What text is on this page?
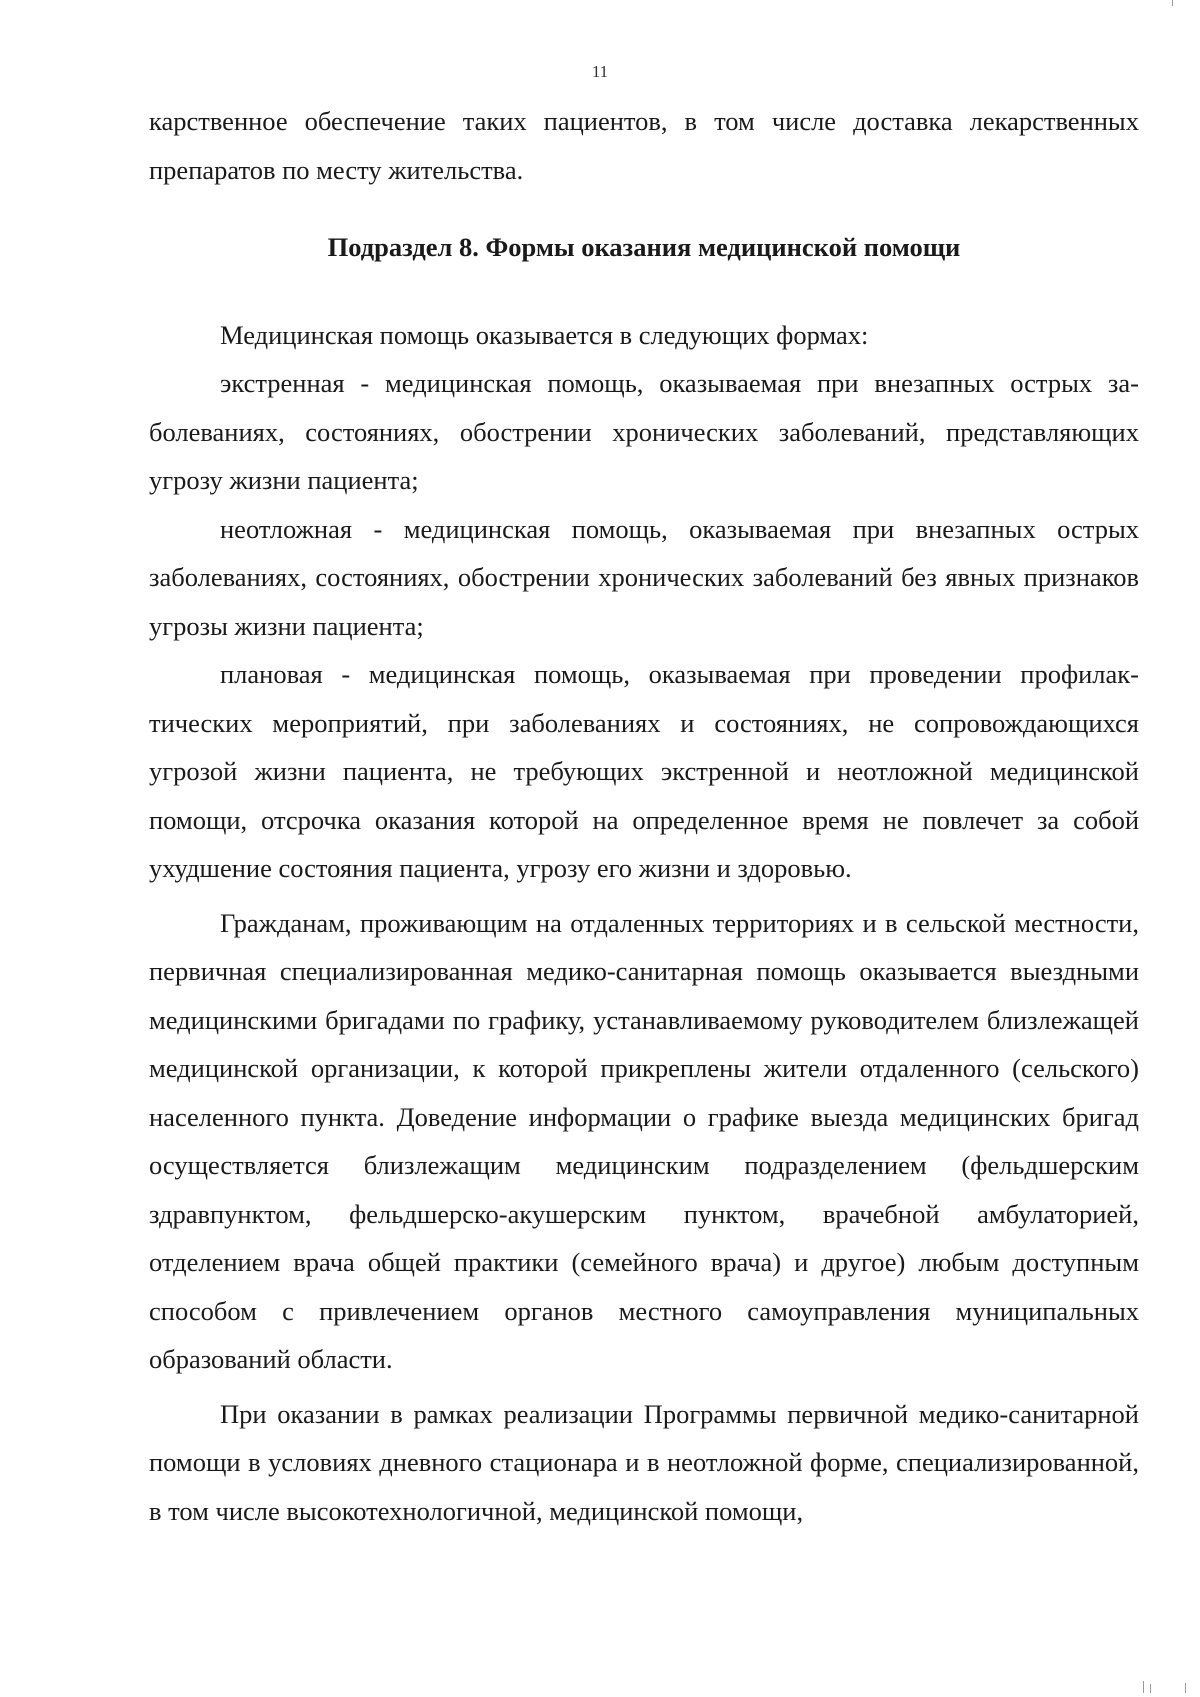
11

карственное обеспечение таких пациентов, в том числе доставка лекарственных препаратов по месту жительства.

Подраздел 8. Формы оказания медицинской помощи

Медицинская помощь оказывается в следующих формах:

экстренная - медицинская помощь, оказываемая при внезапных острых заболеваниях, состояниях, обострении хронических заболеваний, представляющих угрозу жизни пациента;

неотложная - медицинская помощь, оказываемая при внезапных острых заболеваниях, состояниях, обострении хронических заболеваний без явных признаков угрозы жизни пациента;

плановая - медицинская помощь, оказываемая при проведении профилактических мероприятий, при заболеваниях и состояниях, не сопровождающихся угрозой жизни пациента, не требующих экстренной и неотложной медицинской помощи, отсрочка оказания которой на определенное время не повлечет за собой ухудшение состояния пациента, угрозу его жизни и здоровью.

Гражданам, проживающим на отдаленных территориях и в сельской местности, первичная специализированная медико-санитарная помощь оказывается выездными медицинскими бригадами по графику, устанавливаемому руководителем близлежащей медицинской организации, к которой прикреплены жители отдаленного (сельского) населенного пункта. Доведение информации о графике выезда медицинских бригад осуществляется близлежащим медицинским подразделением (фельдшерским здравпунктом, фельдшерско-акушерским пунктом, врачебной амбулаторией, отделением врача общей практики (семейного врача) и другое) любым доступным способом с привлечением органов местного самоуправления муниципальных образований области.

При оказании в рамках реализации Программы первичной медико-санитарной помощи в условиях дневного стационара и в неотложной форме, специализированной, в том числе высокотехнологичной, медицинской помощи,
